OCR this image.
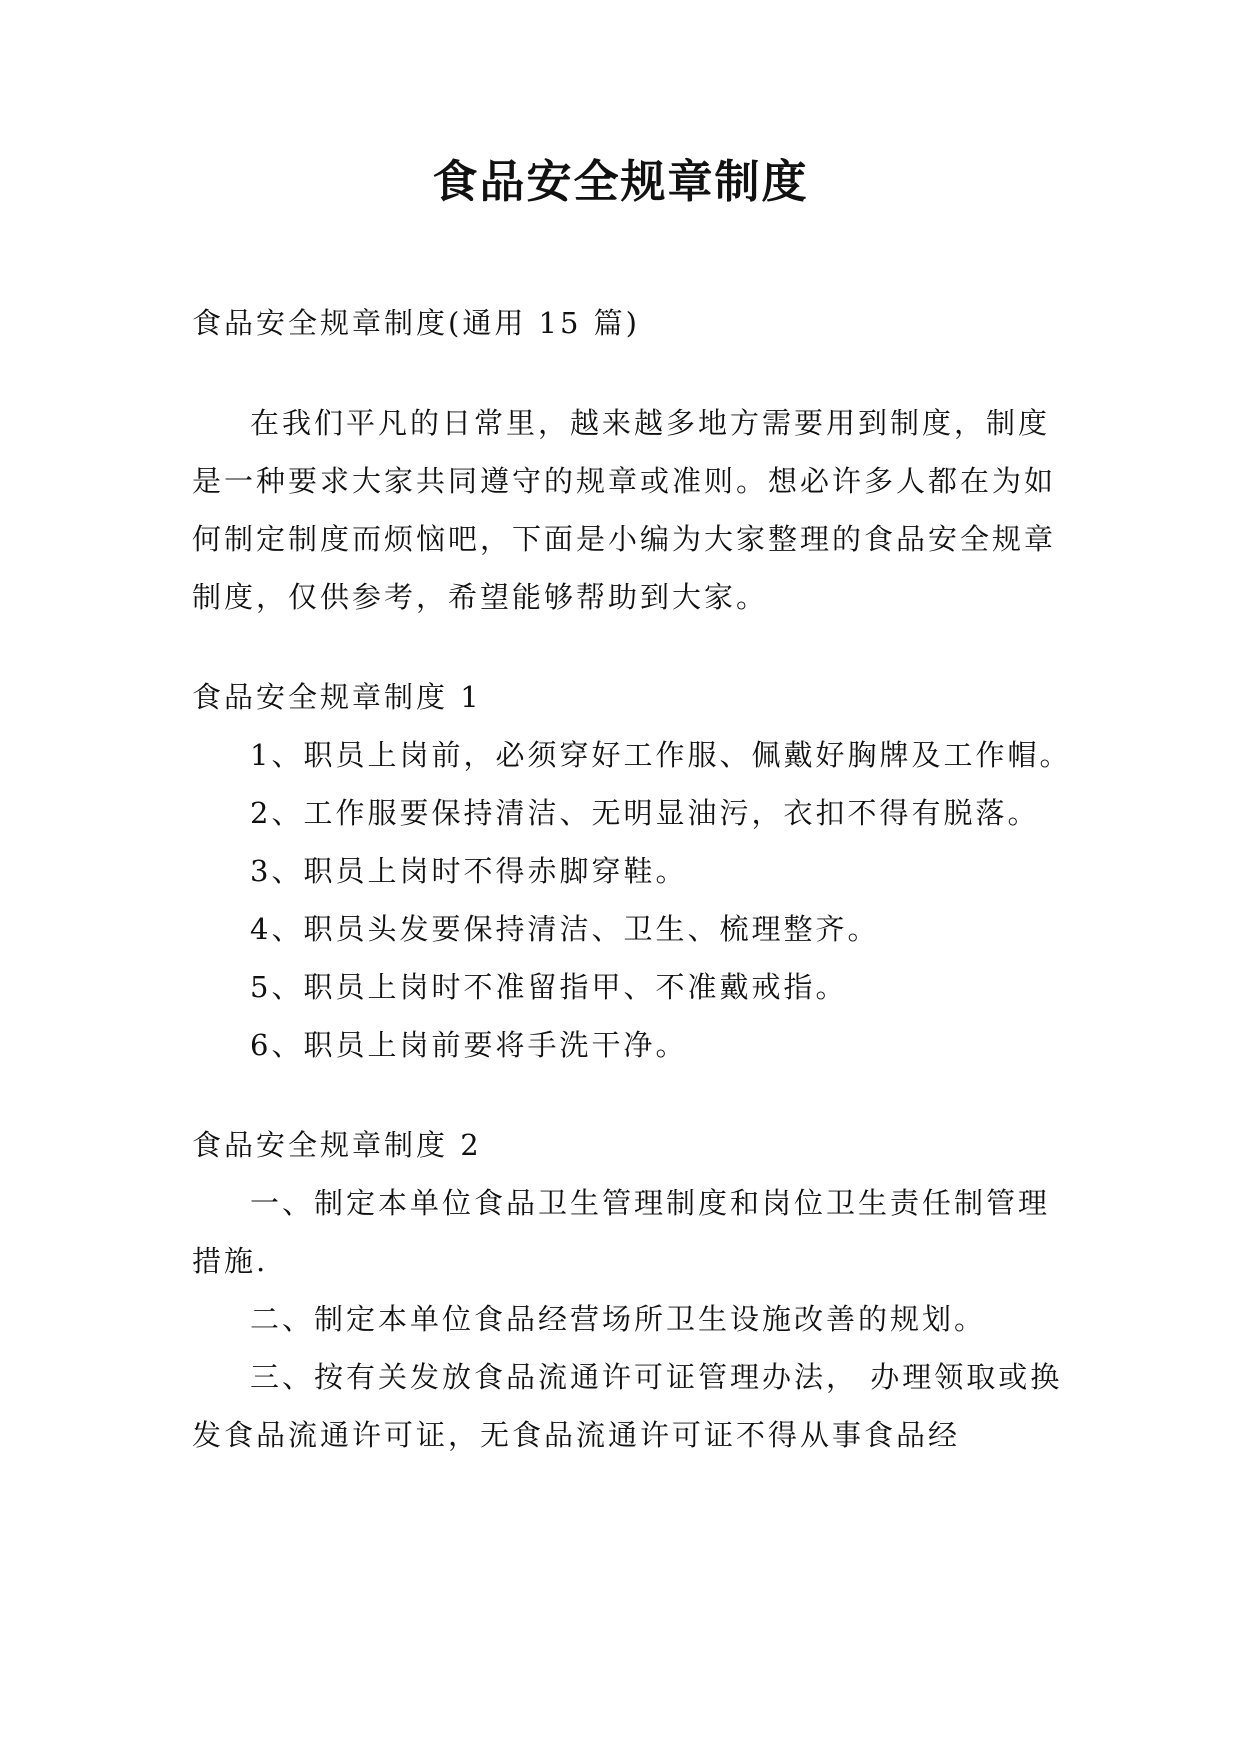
食品安全规章制度

食品安全规章制度(通用 15 篇)

在我们平凡的日常里，越来越多地方需要用到制度，制度是一种要求大家共同遵守的规章或准则。想必许多人都在为如何制定制度而烦恼吧，下面是小编为大家整理的食品安全规章制度，仅供参考，希望能够帮助到大家。

食品安全规章制度 1

1、职员上岗前，必须穿好工作服、佩戴好胸牌及工作帽。

2、工作服要保持清洁、无明显油污，衣扣不得有脱落。

3、职员上岗时不得赤脚穿鞋。

4、职员头发要保持清洁、卫生、梳理整齐。

5、职员上岗时不准留指甲、不准戴戒指。

6、职员上岗前要将手洗干净。

食品安全规章制度 2

一、制定本单位食品卫生管理制度和岗位卫生责任制管理措施.

二、制定本单位食品经营场所卫生设施改善的规划。

三、按有关发放食品流通许可证管理办法， 办理领取或换发食品流通许可证，无食品流通许可证不得从事食品经
